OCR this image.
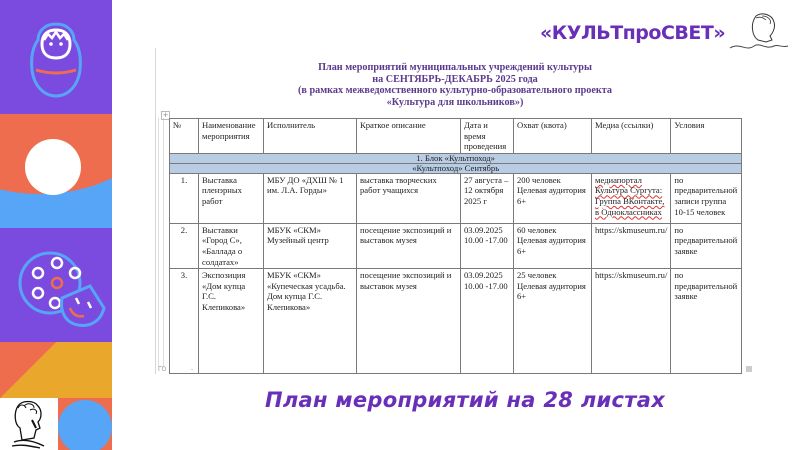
«КУЛЬТпроСВЕТ»
План мероприятий муниципальных учреждений культуры
на СЕНТЯБРЬ-ДЕКАБРЬ 2025 года
(в рамках межведомственного культурно-образовательного проекта
«Культура для школьников»)
+
№	Наименование мероприятия	Исполнитель	Краткое описание	Дата и время проведения	Охват (квота)	Медиа (ссылки)	Условия
1. Блок «Культпоход»							
«Культпоход» Сентябрь							
1.	Выставка пленэрных работ	МБУ ДО «ДХШ № 1 им. Л.А. Горды»	выставка творческих работ учащихся	27 августа – 12 октября 2025 г	200 человек Целевая аудитория 6+	медиапортал Культура Сургута: Группа ВКонтакте, в Одноклассниках	по предварительной записи группа 10-15 человек
2.	Выставки «Город С», «Баллада о солдатах»	МБУК «СКМ» Музейный центр	посещение экспозиций и выставок музея	03.09.2025 10.00 -17.00	60 человек Целевая аудитория 6+	https://skmuseum.ru/	по предварительной заявке
3.	Экспозиция «Дом купца Г.С. Клепикова»	МБУК «СКМ» «Купеческая усадьба. Дом купца Г.С. Клепикова»	посещение экспозиций и выставок музея	03.09.2025 10.00 -17.00	25 человек Целевая аудитория 6+	https://skmuseum.ru/	по предварительной заявке
ГО	-
План мероприятий на 28 листах
